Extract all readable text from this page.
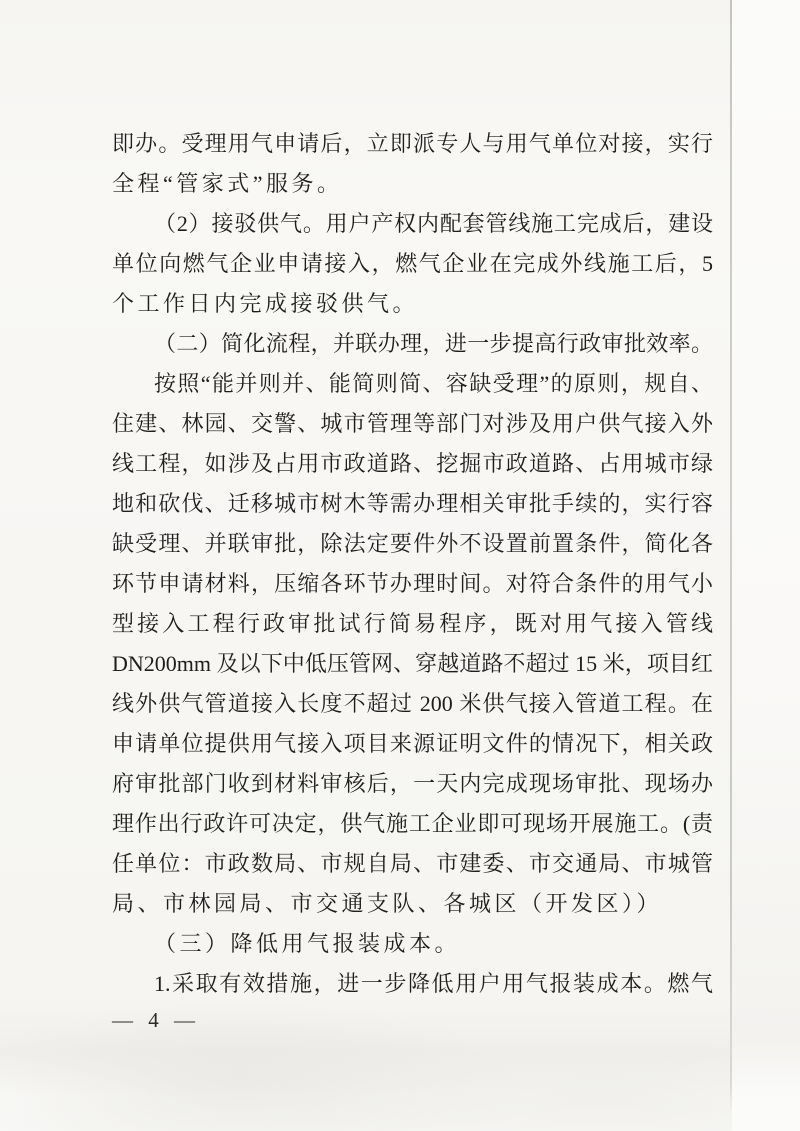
即办。受理用气申请后，立即派专人与用气单位对接，实行
全程“管家式”服务。
（2）接驳供气。用户产权内配套管线施工完成后，建设
单位向燃气企业申请接入，燃气企业在完成外线施工后，5
个工作日内完成接驳供气。
（二）简化流程，并联办理，进一步提高行政审批效率。
按照“能并则并、能简则简、容缺受理”的原则，规自、
住建、林园、交警、城市管理等部门对涉及用户供气接入外
线工程，如涉及占用市政道路、挖掘市政道路、占用城市绿
地和砍伐、迁移城市树木等需办理相关审批手续的，实行容
缺受理、并联审批，除法定要件外不设置前置条件，简化各
环节申请材料，压缩各环节办理时间。对符合条件的用气小
型接入工程行政审批试行简易程序，既对用气接入管线
DN200mm 及以下中低压管网、穿越道路不超过 15 米，项目红
线外供气管道接入长度不超过 200 米供气接入管道工程。在
申请单位提供用气接入项目来源证明文件的情况下，相关政
府审批部门收到材料审核后，一天内完成现场审批、现场办
理作出行政许可决定，供气施工企业即可现场开展施工。(责
任单位：市政数局、市规自局、市建委、市交通局、市城管
局、市林园局、市交通支队、各城区（开发区））
（三）降低用气报装成本。
1.采取有效措施，进一步降低用户用气报装成本。燃气
— 4 —
